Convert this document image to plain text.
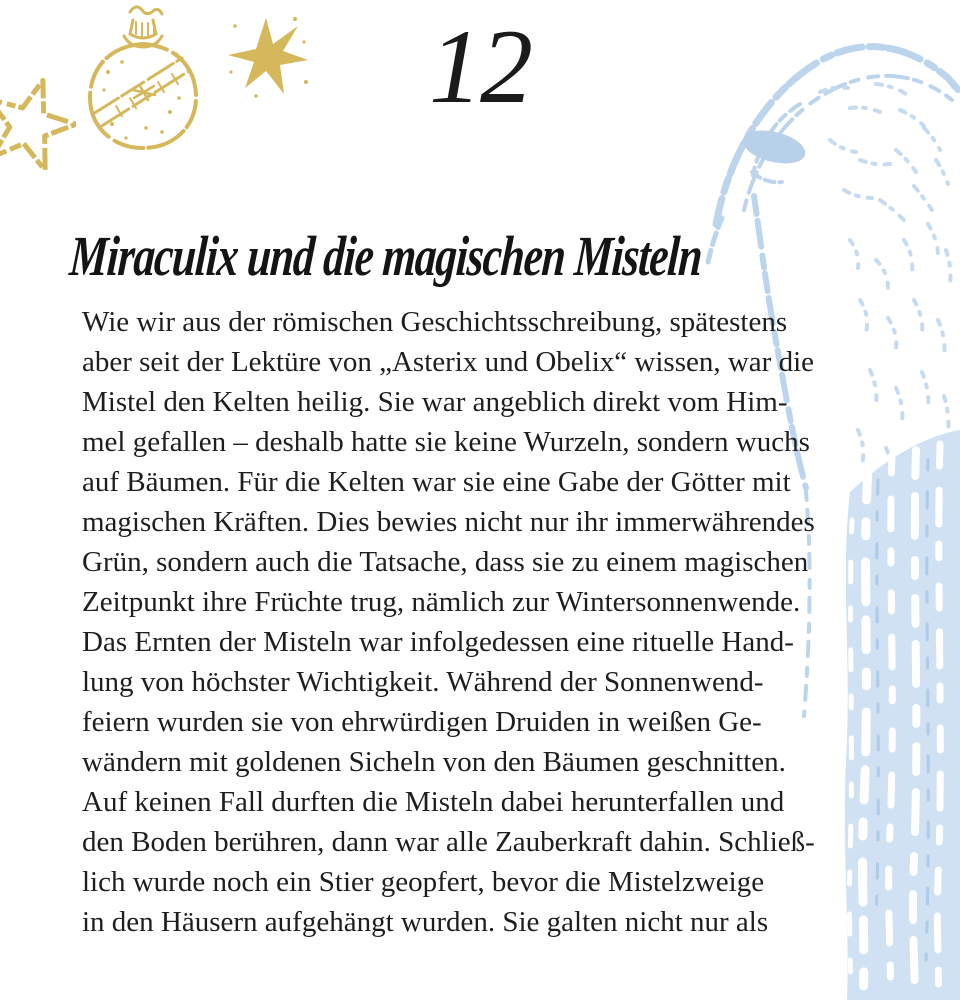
12
Miraculix und die magischen Misteln
Wie wir aus der römischen Geschichtsschreibung, spätestens
aber seit der Lektüre von „Asterix und Obelix“ wissen, war die
Mistel den Kelten heilig. Sie war angeblich direkt vom Him-
mel gefallen – deshalb hatte sie keine Wurzeln, sondern wuchs
auf Bäumen. Für die Kelten war sie eine Gabe der Götter mit
magischen Kräften. Dies bewies nicht nur ihr immerwährendes
Grün, sondern auch die Tatsache, dass sie zu einem magischen
Zeitpunkt ihre Früchte trug, nämlich zur Wintersonnenwende.
Das Ernten der Misteln war infolgedessen eine rituelle Hand-
lung von höchster Wichtigkeit. Während der Sonnenwend-
feiern wurden sie von ehrwürdigen Druiden in weißen Ge-
wändern mit goldenen Sicheln von den Bäumen geschnitten.
Auf keinen Fall durften die Misteln dabei herunterfallen und
den Boden berühren, dann war alle Zauberkraft dahin. Schließ-
lich wurde noch ein Stier geopfert, bevor die Mistelzweige
in den Häusern aufgehängt wurden. Sie galten nicht nur als
